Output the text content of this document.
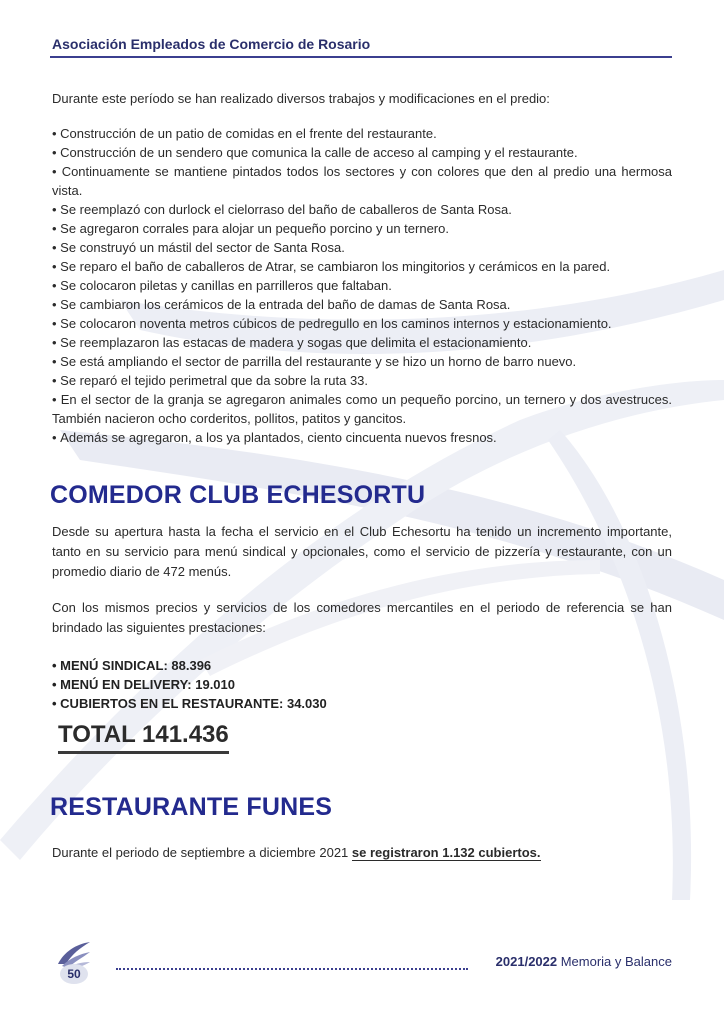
Asociación Empleados de Comercio de Rosario

Durante este período se han realizado diversos trabajos y modificaciones en el predio:

• Construcción de un patio de comidas en el frente del restaurante.
• Construcción de un sendero que comunica la calle de acceso al camping y el restaurante.
• Continuamente se mantiene pintados todos los sectores y con colores que den al predio una hermosa vista.
• Se reemplazó con durlock el cielorraso del baño de caballeros de Santa Rosa.
• Se agregaron corrales para alojar un pequeño porcino y un ternero.
• Se construyó un mástil del sector de Santa Rosa.
• Se reparo el baño de caballeros de Atrar, se cambiaron los mingitorios y cerámicos en la pared.
• Se colocaron piletas y canillas en parrilleros que faltaban.
• Se cambiaron los cerámicos de la entrada del baño de damas de Santa Rosa.
• Se colocaron noventa metros cúbicos de pedregullo en los caminos internos y estacionamiento.
• Se reemplazaron las estacas de madera y sogas que delimita el estacionamiento.
• Se está ampliando el sector de parrilla del restaurante y se hizo un horno de barro nuevo.
• Se reparó el tejido perimetral que da sobre la ruta 33.
• En el sector de la granja se agregaron animales como un pequeño porcino, un ternero y dos avestruces. También nacieron ocho corderitos, pollitos, patitos y gancitos.
• Además se agregaron, a los ya plantados, ciento cincuenta nuevos fresnos.
COMEDOR CLUB ECHESORTU

Desde su apertura hasta la fecha el servicio en el Club Echesortu ha tenido un incremento importante, tanto en su servicio para menú sindical y opcionales, como el servicio de pizzería y restaurante, con un promedio diario de 472 menús.

Con los mismos precios y servicios de los comedores mercantiles en el periodo de referencia se han brindado las siguientes prestaciones:

• MENÚ SINDICAL: 88.396
• MENÚ EN DELIVERY: 19.010
• CUBIERTOS EN EL RESTAURANTE: 34.030
TOTAL 141.436
RESTAURANTE FUNES

Durante el periodo de septiembre a diciembre 2021 se registraron 1.132 cubiertos.

50
2021/2022 Memoria y Balance
